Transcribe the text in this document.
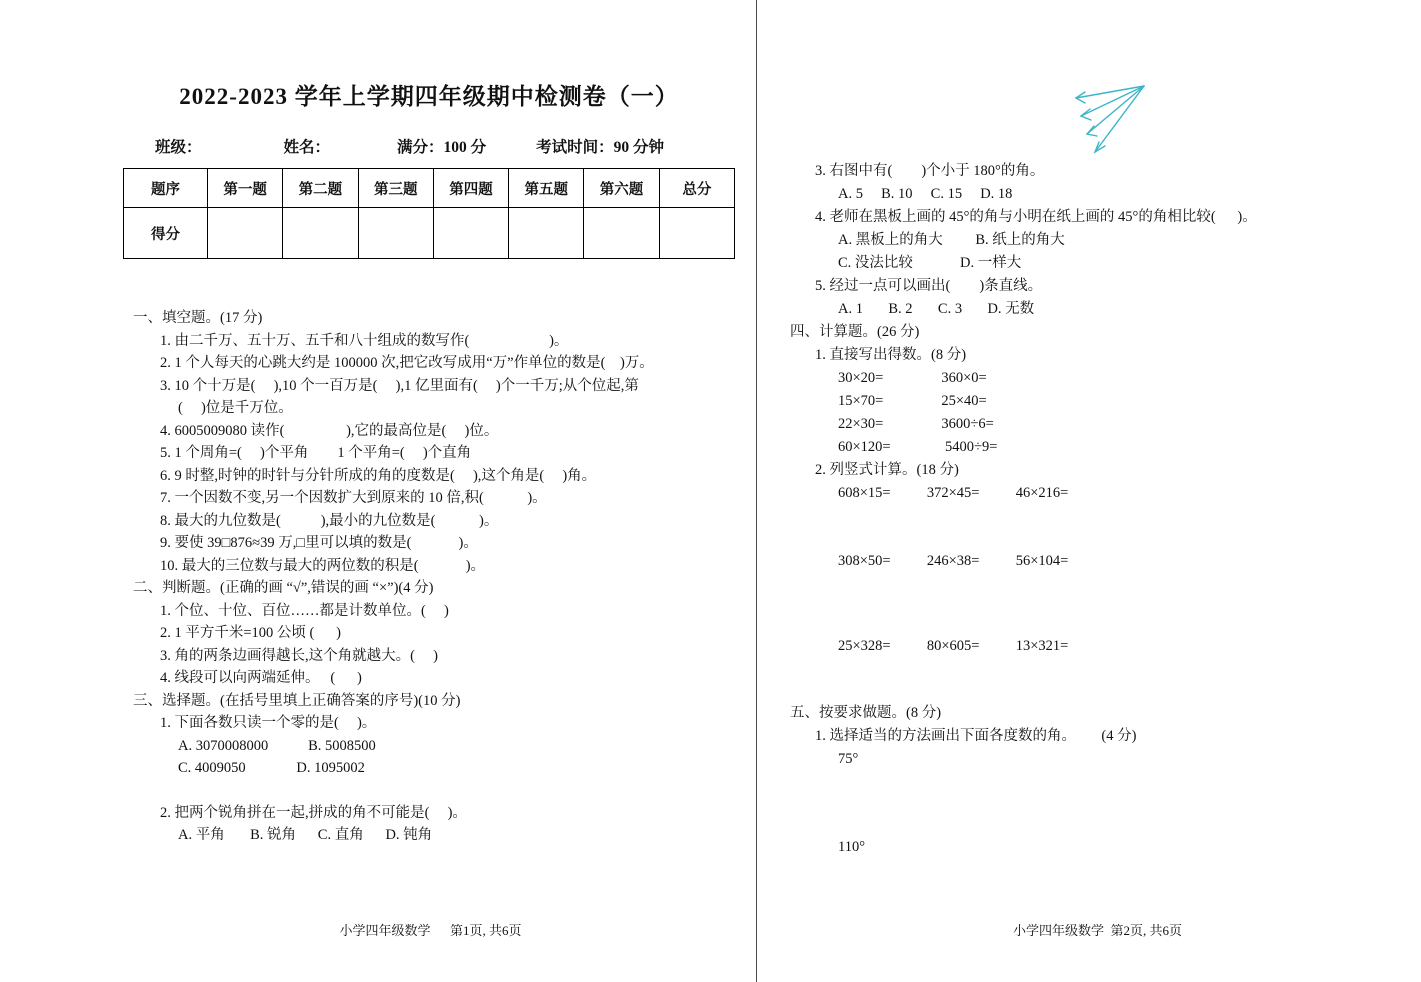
2022-2023 学年上学期四年级期中检测卷（一）
班级：	姓名：	满分：100 分	考试时间：90 分钟
题序	第一题	第二题	第三题	第四题	第五题	第六题	总分
得分							
一、填空题。(17 分)
1. 由二千万、五十万、五千和八十组成的数写作(                      )。
2. 1 个人每天的心跳大约是 100000 次,把它改写成用“万”作单位的数是(    )万。
3. 10 个十万是(     ),10 个一百万是(     ),1 亿里面有(     )个一千万;从个位起,第
(     )位是千万位。
4. 6005009080 读作(                 ),它的最高位是(     )位。
5. 1 个周角=(     )个平角        1 个平角=(     )个直角
6. 9 时整,时钟的时针与分针所成的角的度数是(     ),这个角是(     )角。
7. 一个因数不变,另一个因数扩大到原来的 10 倍,积(            )。
8. 最大的九位数是(           ),最小的九位数是(            )。
9. 要使 39□876≈39 万,□里可以填的数是(             )。
10. 最大的三位数与最大的两位数的积是(             )。
二、判断题。(正确的画 “√”,错误的画 “×”)(4 分)
1. 个位、十位、百位……都是计数单位。(     )
2. 1 平方千米=100 公顷 (      )
3. 角的两条边画得越长,这个角就越大。(     )
4. 线段可以向两端延伸。   (      )
三、选择题。(在括号里填上正确答案的序号)(10 分)
1. 下面各数只读一个零的是(     )。
A. 3070008000           B. 5008500
C. 4009050              D. 1095002
2. 把两个锐角拼在一起,拼成的角不可能是(     )。
A. 平角       B. 锐角      C. 直角      D. 钝角
小学四年级数学      第1页, 共6页
3. 右图中有(        )个小于 180°的角。
A. 5     B. 10     C. 15     D. 18
4. 老师在黑板上画的 45°的角与小明在纸上画的 45°的角相比较(      )。
A. 黑板上的角大         B. 纸上的角大
C. 没法比较             D. 一样大
5. 经过一点可以画出(        )条直线。
A. 1       B. 2       C. 3       D. 无数
四、计算题。(26 分)
1. 直接写出得数。(8 分)
30×20=                360×0=
15×70=                25×40=
22×30=                3600÷6=
60×120=               5400÷9=
2. 列竖式计算。(18 分)
608×15=          372×45=          46×216=
308×50=          246×38=          56×104=
25×328=          80×605=          13×321=
五、按要求做题。(8 分)
1. 选择适当的方法画出下面各度数的角。       (4 分)
75°
110°
小学四年级数学  第2页, 共6页
